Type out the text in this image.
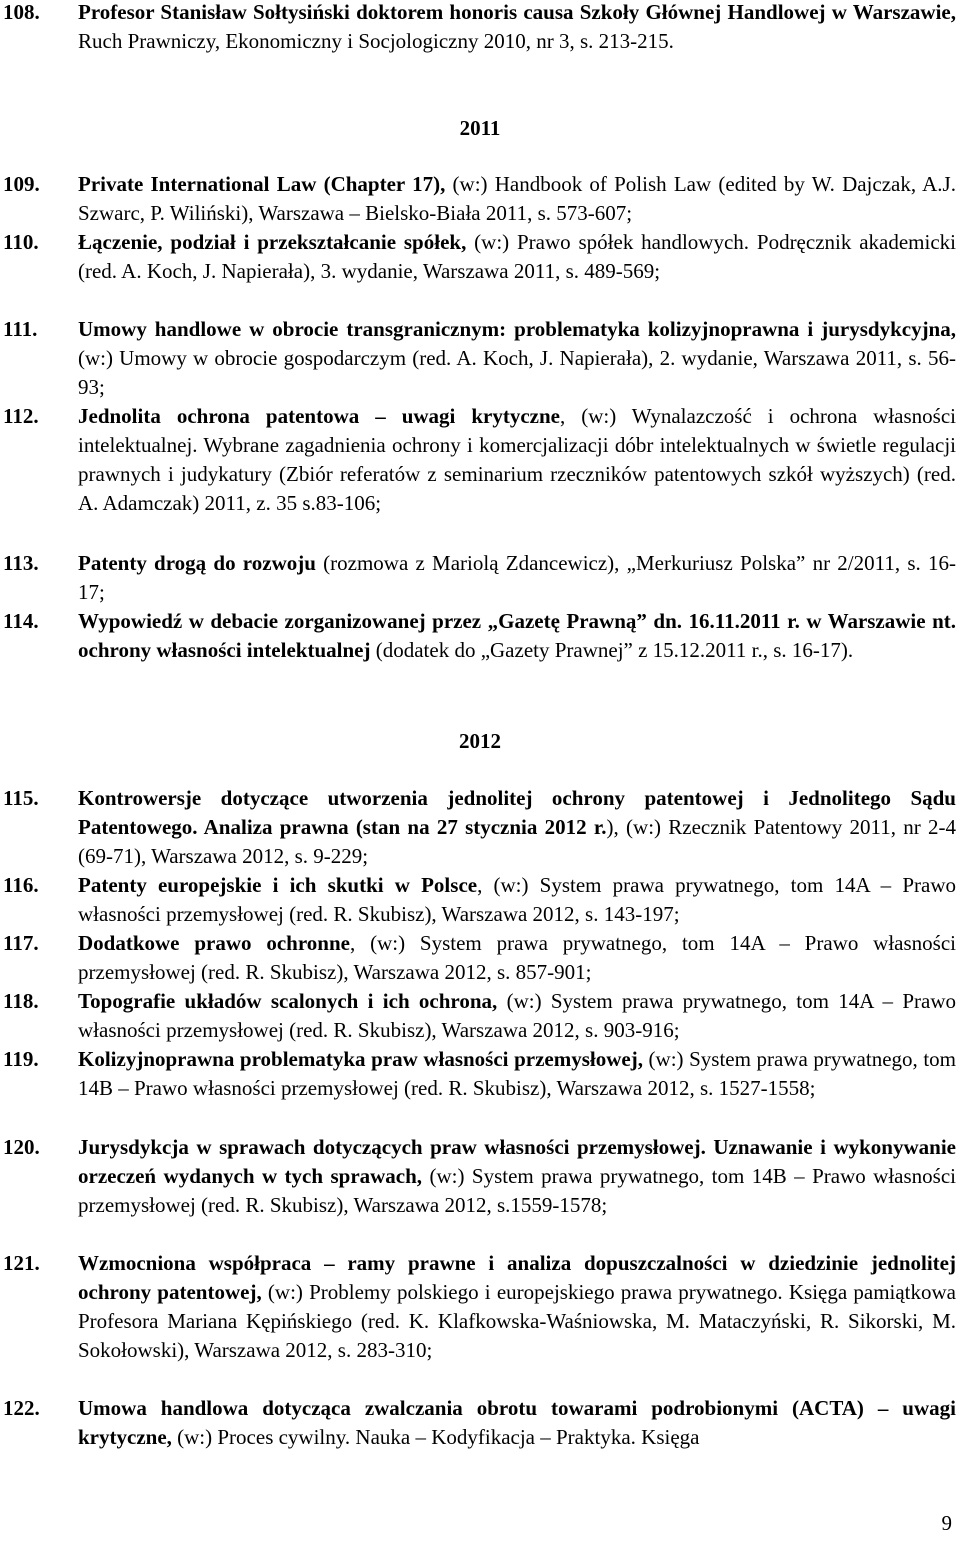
2011
2012
108. Profesor Stanisław Sołtysiński doktorem honoris causa Szkoły Głównej Handlowej w Warszawie, Ruch Prawniczy, Ekonomiczny i Socjologiczny 2010, nr 3, s. 213-215.
109. Private International Law (Chapter 17), (w:) Handbook of Polish Law (edited by W. Dajczak, A.J. Szwarc, P. Wiliński), Warszawa – Bielsko-Biała 2011, s. 573-607;
110. Łączenie, podział i przekształcanie spółek, (w:) Prawo spółek handlowych. Podręcznik akademicki (red. A. Koch, J. Napierała), 3. wydanie, Warszawa 2011, s. 489-569;
111. Umowy handlowe w obrocie transgranicznym: problematyka kolizyjnoprawna i jurysdykcyjna, (w:) Umowy w obrocie gospodarczym (red. A. Koch, J. Napierała), 2. wydanie, Warszawa 2011, s. 56-93;
112. Jednolita ochrona patentowa – uwagi krytyczne, (w:) Wynalazczość i ochrona własności intelektualnej. Wybrane zagadnienia ochrony i komercjalizacji dóbr intelektualnych w świetle regulacji prawnych i judykatury (Zbiór referatów z seminarium rzeczników patentowych szkół wyższych) (red. A. Adamczak) 2011, z. 35 s.83-106;
113. Patenty drogą do rozwoju (rozmowa z Mariolą Zdancewicz), „Merkuriusz Polska” nr 2/2011, s. 16-17;
114. Wypowiedź w debacie zorganizowanej przez „Gazetę Prawną” dn. 16.11.2011 r. w Warszawie nt. ochrony własności intelektualnej (dodatek do „Gazety Prawnej” z 15.12.2011 r., s. 16-17).
115. Kontrowersje dotyczące utworzenia jednolitej ochrony patentowej i Jednolitego Sądu Patentowego. Analiza prawna (stan na 27 stycznia 2012 r.), (w:) Rzecznik Patentowy 2011, nr 2-4 (69-71), Warszawa 2012, s. 9-229;
116. Patenty europejskie i ich skutki w Polsce, (w:) System prawa prywatnego, tom 14A – Prawo własności przemysłowej (red. R. Skubisz), Warszawa 2012, s. 143-197;
117. Dodatkowe prawo ochronne, (w:) System prawa prywatnego, tom 14A – Prawo własności przemysłowej (red. R. Skubisz), Warszawa 2012, s. 857-901;
118. Topografie układów scalonych i ich ochrona, (w:) System prawa prywatnego, tom 14A – Prawo własności przemysłowej (red. R. Skubisz), Warszawa 2012, s. 903-916;
119. Kolizyjnoprawna problematyka praw własności przemysłowej, (w:) System prawa prywatnego, tom 14B – Prawo własności przemysłowej (red. R. Skubisz), Warszawa 2012, s. 1527-1558;
120. Jurysdykcja w sprawach dotyczących praw własności przemysłowej. Uznawanie i wykonywanie orzeczeń wydanych w tych sprawach, (w:) System prawa prywatnego, tom 14B – Prawo własności przemysłowej (red. R. Skubisz), Warszawa 2012, s.1559-1578;
121. Wzmocniona współpraca – ramy prawne i analiza dopuszczalności w dziedzinie jednolitej ochrony patentowej, (w:) Problemy polskiego i europejskiego prawa prywatnego. Księga pamiątkowa Profesora Mariana Kępińskiego (red. K. Klafkowska-Waśniowska, M. Mataczyński, R. Sikorski, M. Sokołowski), Warszawa 2012, s. 283-310;
122. Umowa handlowa dotycząca zwalczania obrotu towarami podrobionymi (ACTA) – uwagi krytyczne, (w:) Proces cywilny. Nauka – Kodyfikacja – Praktyka. Księga
9
